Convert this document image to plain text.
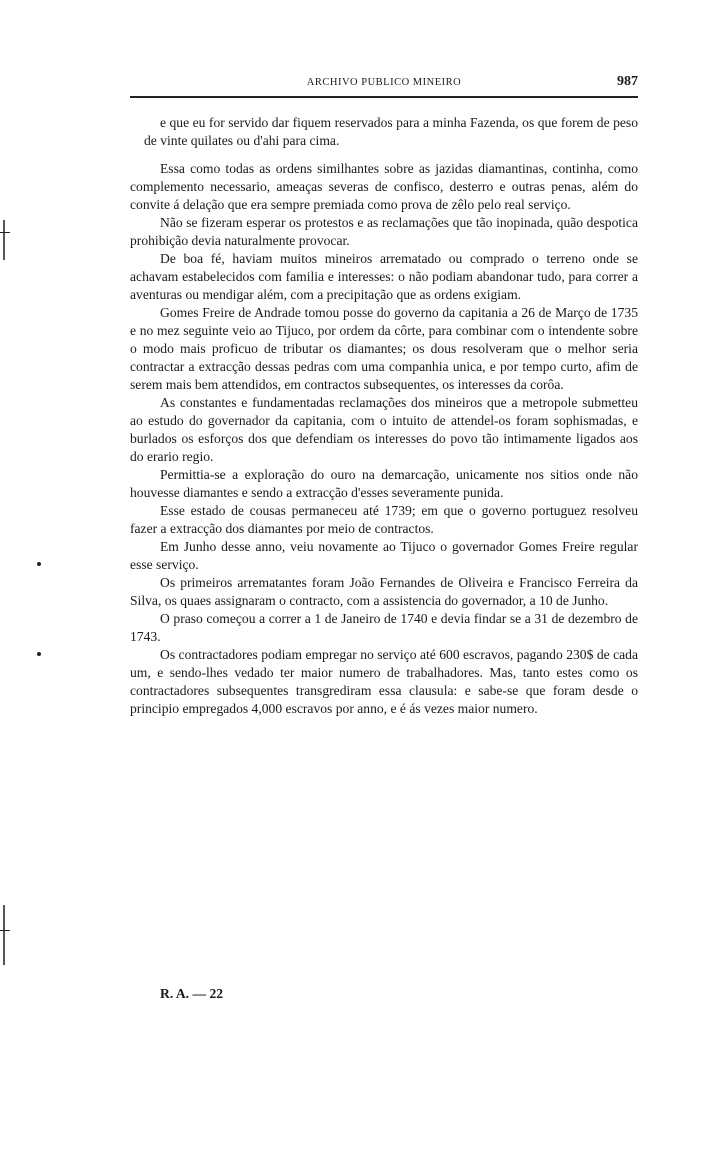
ARCHIVO PUBLICO MINEIRO	987

e que eu for servido dar fiquem reservados para a minha Fazenda, os que forem de peso de vinte quilates ou d'ahi para cima.

Essa como todas as ordens similhantes sobre as jazidas diamantinas, continha, como complemento necessario, ameaças severas de confisco, desterro e outras penas, além do convite á delação que era sempre premiada como prova de zêlo pelo real serviço.

Não se fizeram esperar os protestos e as reclamações que tão inopinada, quão despotica prohibição devia naturalmente provocar.

De boa fé, haviam muitos mineiros arrematado ou comprado o terreno onde se achavam estabelecidos com familia e interesses: o não podiam abandonar tudo, para correr a aventuras ou mendigar além, com a precipitação que as ordens exigiam.

Gomes Freire de Andrade tomou posse do governo da capitania a 26 de Março de 1735 e no mez seguinte veio ao Tijuco, por ordem da côrte, para combinar com o intendente sobre o modo mais proficuo de tributar os diamantes; os dous resolveram que o melhor seria contractar a extracção dessas pedras com uma companhia unica, e por tempo curto, afim de serem mais bem attendidos, em contractos subsequentes, os interesses da corôa.

As constantes e fundamentadas reclamações dos mineiros que a metropole submetteu ao estudo do governador da capitania, com o intuito de attendel-os foram sophismadas, e burlados os esforços dos que defendiam os interesses do povo tão intimamente ligados aos do erario regio.

Permittia-se a exploração do ouro na demarcação, unicamente nos sitios onde não houvesse diamantes e sendo a extracção d'esses severamente punida.

Esse estado de cousas permaneceu até 1739; em que o governo portuguez resolveu fazer a extracção dos diamantes por meio de contractos.

Em Junho desse anno, veiu novamente ao Tijuco o governador Gomes Freire regular esse serviço.

Os primeiros arrematantes foram João Fernandes de Oliveira e Francisco Ferreira da Silva, os quaes assignaram o contracto, com a assistencia do governador, a 10 de Junho.

O praso começou a correr a 1 de Janeiro de 1740 e devia findar se a 31 de dezembro de 1743.

Os contractadores podiam empregar no serviço até 600 escravos, pagando 230$ de cada um, e sendo-lhes vedado ter maior numero de trabalhadores. Mas, tanto estes como os contractadores subsequentes transgrediram essa clausula: e sabe-se que foram desde o principio empregados 4,000 escravos por anno, e é ás vezes maior numero.

R. A. — 22
